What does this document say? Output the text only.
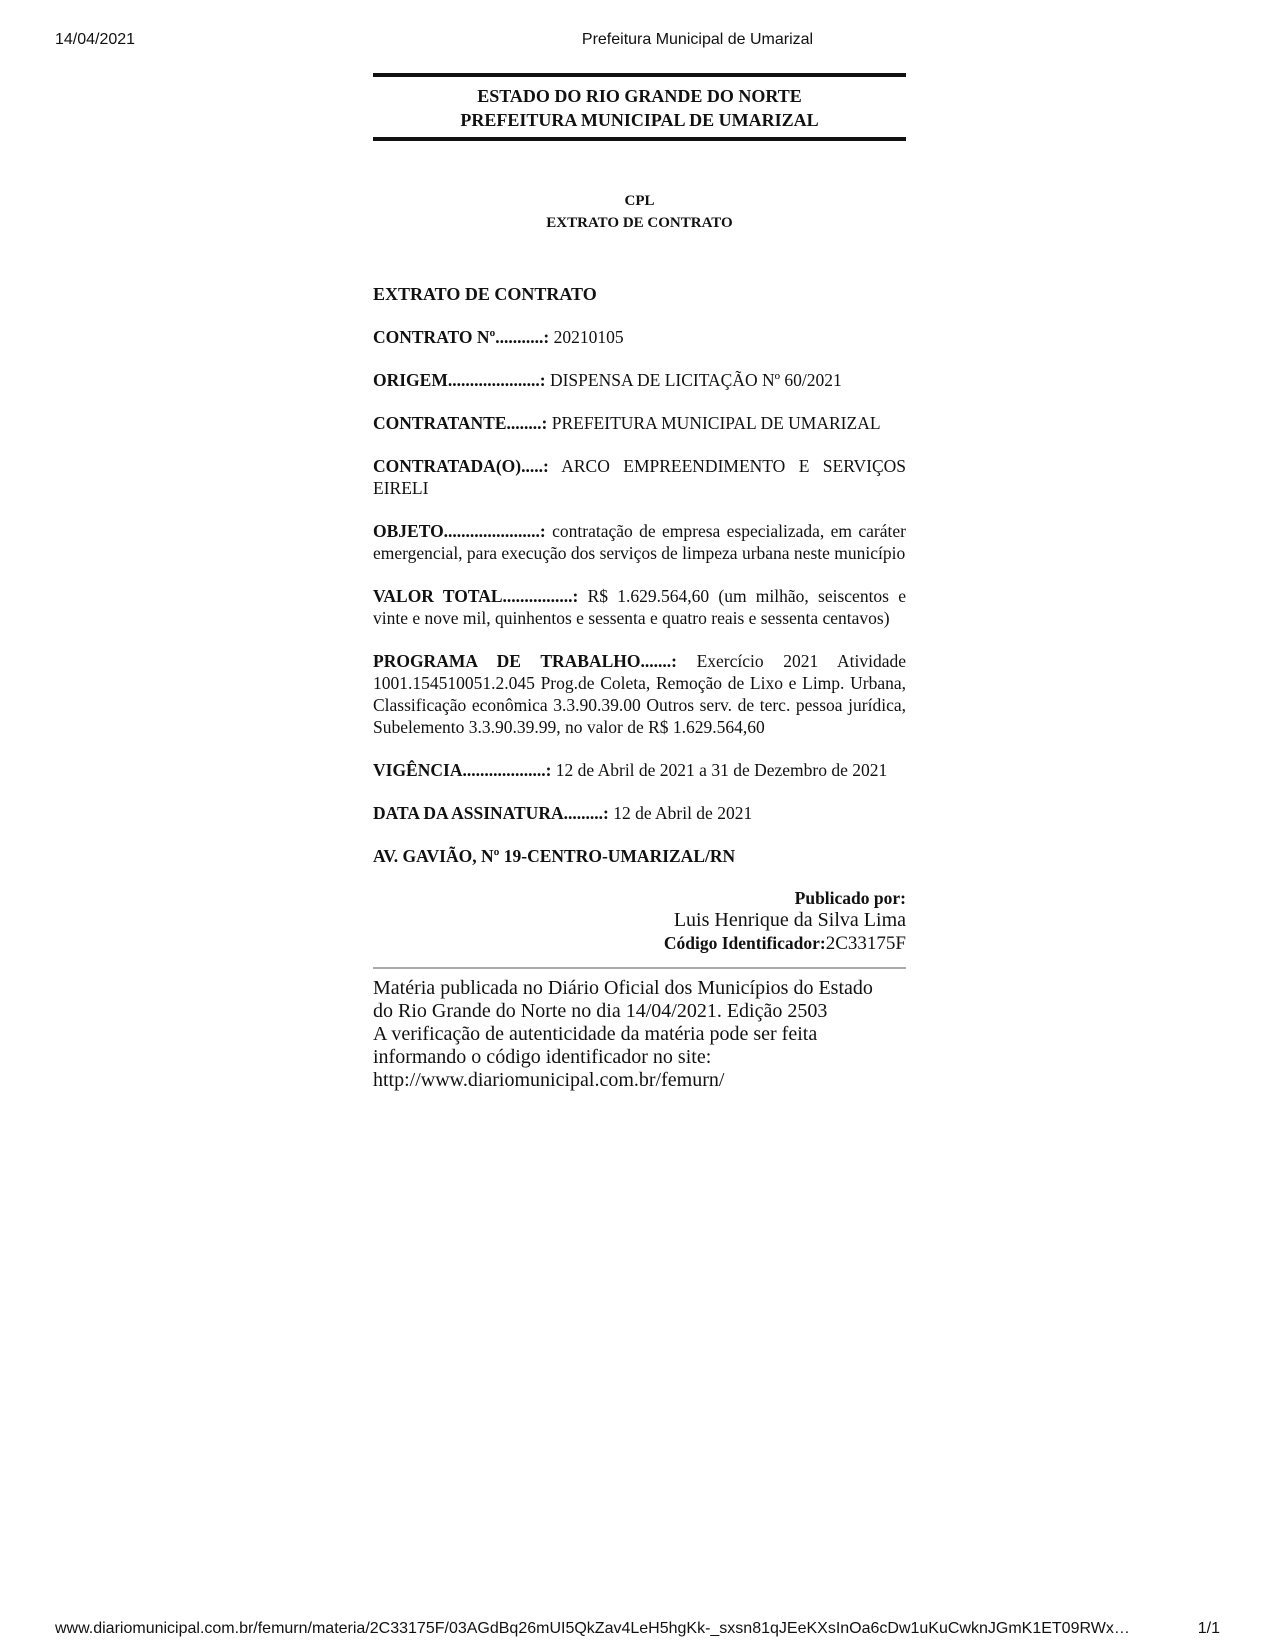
14/04/2021	Prefeitura Municipal de Umarizal
ESTADO DO RIO GRANDE DO NORTE
PREFEITURA MUNICIPAL DE UMARIZAL
CPL
EXTRATO DE CONTRATO
EXTRATO DE CONTRATO
CONTRATO Nº...........: 20210105
ORIGEM.....................: DISPENSA DE LICITAÇÃO Nº 60/2021
CONTRATANTE........: PREFEITURA MUNICIPAL DE UMARIZAL
CONTRATADA(O).....: ARCO EMPREENDIMENTO E SERVIÇOS EIRELI
OBJETO......................: contratação de empresa especializada, em caráter emergencial, para execução dos serviços de limpeza urbana neste município
VALOR TOTAL................: R$ 1.629.564,60 (um milhão, seiscentos e vinte e nove mil, quinhentos e sessenta e quatro reais e sessenta centavos)
PROGRAMA DE TRABALHO.......: Exercício 2021 Atividade 1001.154510051.2.045 Prog.de Coleta, Remoção de Lixo e Limp. Urbana, Classificação econômica 3.3.90.39.00 Outros serv. de terc. pessoa jurídica, Subelemento 3.3.90.39.99, no valor de R$ 1.629.564,60
VIGÊNCIA...................: 12 de Abril de 2021 a 31 de Dezembro de 2021
DATA DA ASSINATURA.........: 12 de Abril de 2021
AV. GAVIÃO, Nº 19-CENTRO-UMARIZAL/RN
Publicado por:
Luis Henrique da Silva Lima
Código Identificador:2C33175F
Matéria publicada no Diário Oficial dos Municípios do Estado
do Rio Grande do Norte no dia 14/04/2021. Edição 2503
A verificação de autenticidade da matéria pode ser feita
informando o código identificador no site:
http://www.diariomunicipal.com.br/femurn/
www.diariomunicipal.com.br/femurn/materia/2C33175F/03AGdBq26mUI5QkZav4LeH5hgKk-_sxsn81qJEeKXsInOa6cDw1uKuCwknJGmK1ET09RWx…	1/1
